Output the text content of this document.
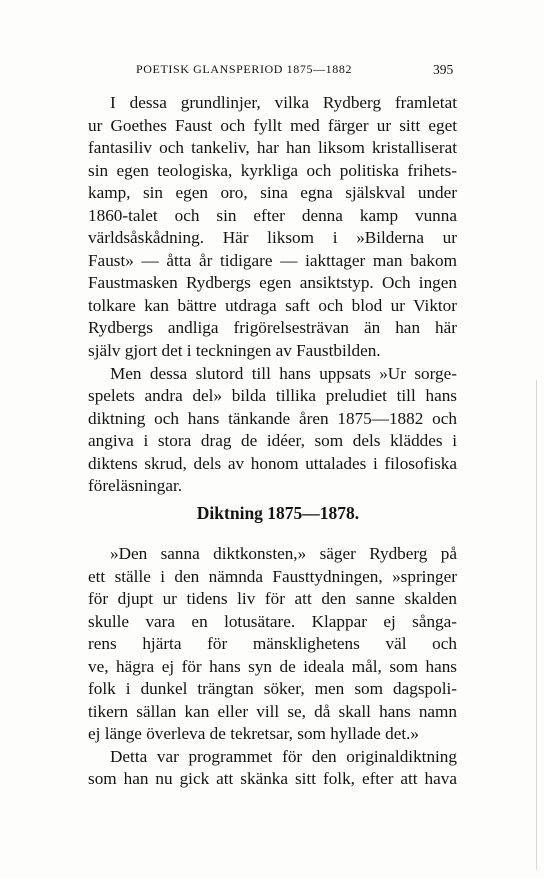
POETISK GLANSPERIOD 1875—1882	395
I dessa grundlinjer, vilka Rydberg framletat
ur Goethes Faust och fyllt med färger ur sitt eget
fantasiliv och tankeliv, har han liksom kristalliserat
sin egen teologiska, kyrkliga och politiska frihets-
kamp, sin egen oro, sina egna själskval under
1860-talet och sin efter denna kamp vunna
världsåskådning. Här liksom i »Bilderna ur
Faust» — åtta år tidigare — iakttager man bakom
Faustmasken Rydbergs egen ansiktstyp. Och ingen
tolkare kan bättre utdraga saft och blod ur Viktor
Rydbergs andliga frigörelsesträvan än han här
själv gjort det i teckningen av Faustbilden.
Men dessa slutord till hans uppsats »Ur sorge-
spelets andra del» bilda tillika preludiet till hans
diktning och hans tänkande åren 1875—1882 och
angiva i stora drag de idéer, som dels kläddes i
diktens skrud, dels av honom uttalades i filosofiska
föreläsningar.
Diktning 1875—1878.
»Den sanna diktkonsten,» säger Rydberg på
ett ställe i den nämnda Fausttydningen, »springer
för djupt ur tidens liv för att den sanne skalden
skulle vara en lotusätare. Klappar ej sånga-
rens hjärta för mänsklighetens väl och
ve, hägra ej för hans syn de ideala mål, som hans
folk i dunkel trängtan söker, men som dagspoli-
tikern sällan kan eller vill se, då skall hans namn
ej länge överleva de tekretsar, som hyllade det.»
Detta var programmet för den originaldiktning
som han nu gick att skänka sitt folk, efter att hava
